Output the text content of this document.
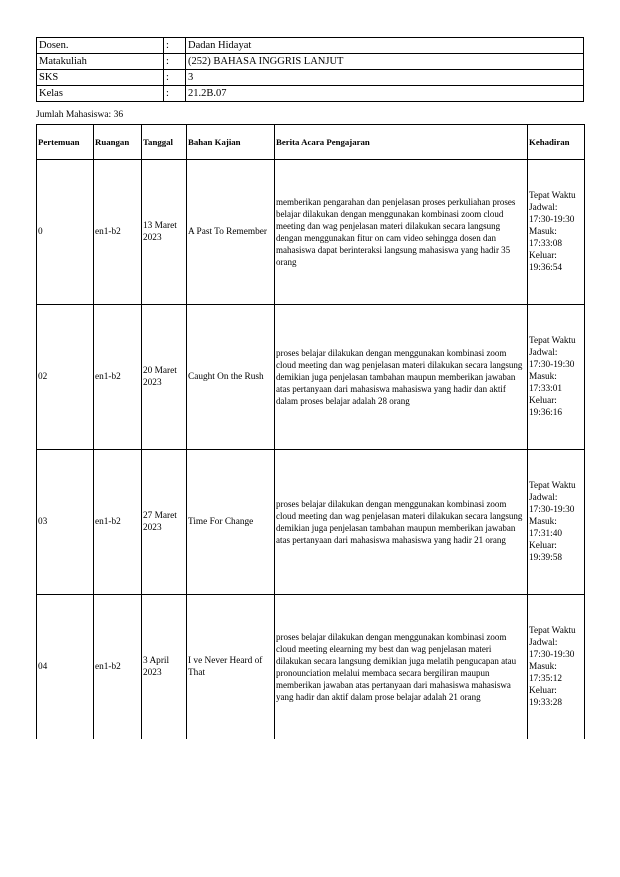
Dosen.	:	Dadan Hidayat
Matakuliah	:	(252) BAHASA INGGRIS LANJUT
SKS	:	3
Kelas	:	21.2B.07
Jumlah Mahasiswa: 36
Pertemuan	Ruangan	Tanggal	Bahan Kajian	Berita Acara Pengajaran	Kehadiran
0	en1-b2	13 Maret 2023	A Past To Remember	memberikan pengarahan dan penjelasan proses perkuliahan proses belajar dilakukan dengan menggunakan kombinasi zoom cloud meeting dan wag penjelasan materi dilakukan secara langsung dengan menggunakan fitur on cam video sehingga dosen dan mahasiswa dapat berinteraksi langsung mahasiswa yang hadir 35 orang	Tepat Waktu Jadwal: 17:30-19:30 Masuk: 17:33:08 Keluar: 19:36:54
02	en1-b2	20 Maret 2023	Caught On the Rush	proses belajar dilakukan dengan menggunakan kombinasi zoom cloud meeting dan wag penjelasan materi dilakukan secara langsung demikian juga penjelasan tambahan maupun memberikan jawaban atas pertanyaan dari mahasiswa mahasiswa yang hadir dan aktif dalam proses belajar adalah 28 orang	Tepat Waktu Jadwal: 17:30-19:30 Masuk: 17:33:01 Keluar: 19:36:16
03	en1-b2	27 Maret 2023	Time For Change	proses belajar dilakukan dengan menggunakan kombinasi zoom cloud meeting dan wag penjelasan materi dilakukan secara langsung demikian juga penjelasan tambahan maupun memberikan jawaban atas pertanyaan dari mahasiswa mahasiswa yang hadir 21 orang	Tepat Waktu Jadwal: 17:30-19:30 Masuk: 17:31:40 Keluar: 19:39:58
04	en1-b2	3 April 2023	I ve Never Heard of That	proses belajar dilakukan dengan menggunakan kombinasi zoom cloud meeting elearning my best dan wag penjelasan materi dilakukan secara langsung demikian juga melatih pengucapan atau pronounciation melalui membaca secara bergiliran maupun memberikan jawaban atas pertanyaan dari mahasiswa mahasiswa yang hadir dan aktif dalam prose belajar adalah 21 orang	Tepat Waktu Jadwal: 17:30-19:30 Masuk: 17:35:12 Keluar: 19:33:28
